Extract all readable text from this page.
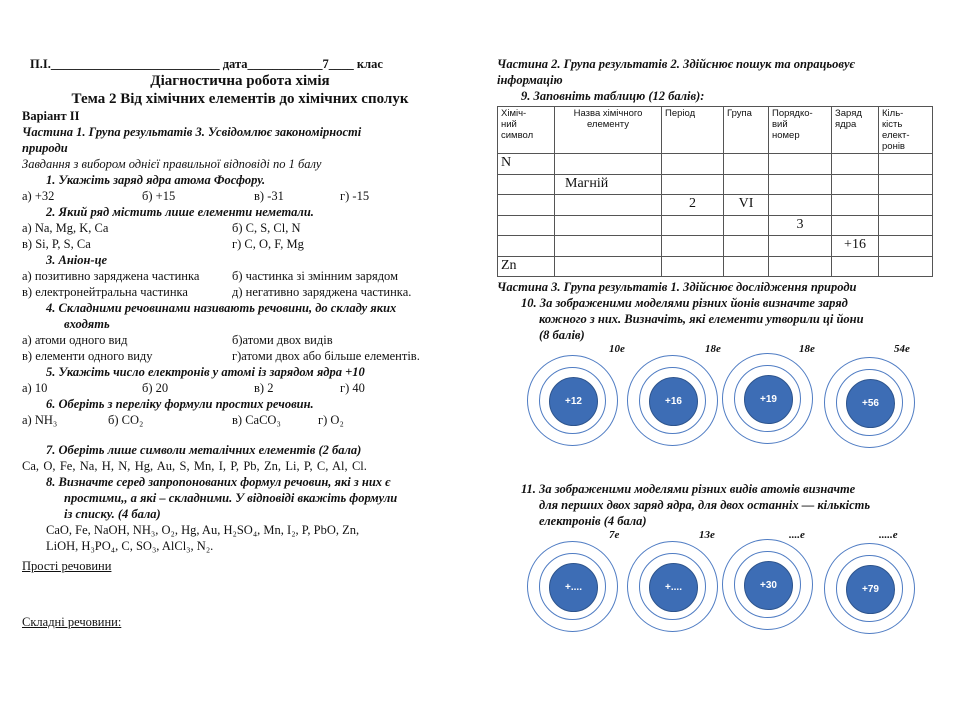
П.І.___________________________ дата____________7____ клас
Діагностична робота хімія
Тема 2 Від хімічних елементів до хімічних сполук
Варіант ІІ
Частина 1. Група результатів 3. Усвідомлює закономірності
природи
Завдання з вибором однієї правильної відповіді по 1 балу
1. Укажіть заряд ядра атома Фосфору.
а) +32	б) +15	в) -31	г) -15
2. Який ряд містить лише елементи неметали.
а) Na, Mg, K, Ca	б) C, S, Cl, N
в) Si, P, S, Ca	г) C, O, F, Mg
3. Аніон-це
а) позитивно заряджена частинка	б) частинка зі змінним зарядом
в) електронейтральна частинка	д) негативно заряджена частинка.
4. Складними речовинами називають речовини, до складу яких
входять
а) атоми одного вид	б)атоми двох видів
в) елементи одного виду	г)атоми двох або більше елементів.
5. Укажіть число електронів у атомі із зарядом ядра +10
а) 10	б) 20	в) 2	г) 40
6. Оберіть з переліку формули простих речовин.
а) NH₃	б) CO₂	в) CaCO₃	г) O₂
7. Оберіть лише символи металічних елементів (2 бала)
Ca, O, Fe, Na, H, N, Hg, Au, S, Mn, I, P, Pb, Zn, Li, P, C, Al, Cl.
8. Визначте серед запропонованих формул речовин, які з них є
простими,, а які – складними. У відповіді вкажіть формули
із списку. (4 бала)
CaO, Fe, NaOH, NH₃, O₂, Hg, Au, H₂SO₄, Mn, I₂, P, PbO, Zn,
LiOH, H₃PO₄, C, SO₃, AlCl₃, N₂.
Прості речовини
Складні речовини:
Частина 2. Група результатів 2. Здійснює пошук та опрацьовує
інформацію
9. Заповніть таблицю (12 балів):
Хіміч-
ний
символ	Назва хімічного
елементу	Період	Група	Порядко-
вий
номер	Заряд
ядра	Кіль-
кість
елект-
ронів
N						
	Магній					
		2	VI			
				3		
					+16	
Zn						
Частина 3. Група результатів 1. Здійснює дослідження природи
10. За зображеними моделями різних йонів визначте заряд
кожного з них. Визначіть, які елементи утворили ці йони
(8 балів)
+12
10е
+16
18е
+19
18е
+56
54е
11. За зображеними моделями різних видів атомів визначте
для перших двох заряд ядра, для двох останніх — кількість
електронів (4 бала)
+....
7е
+....
13е
+30
....е
+79
.....е
